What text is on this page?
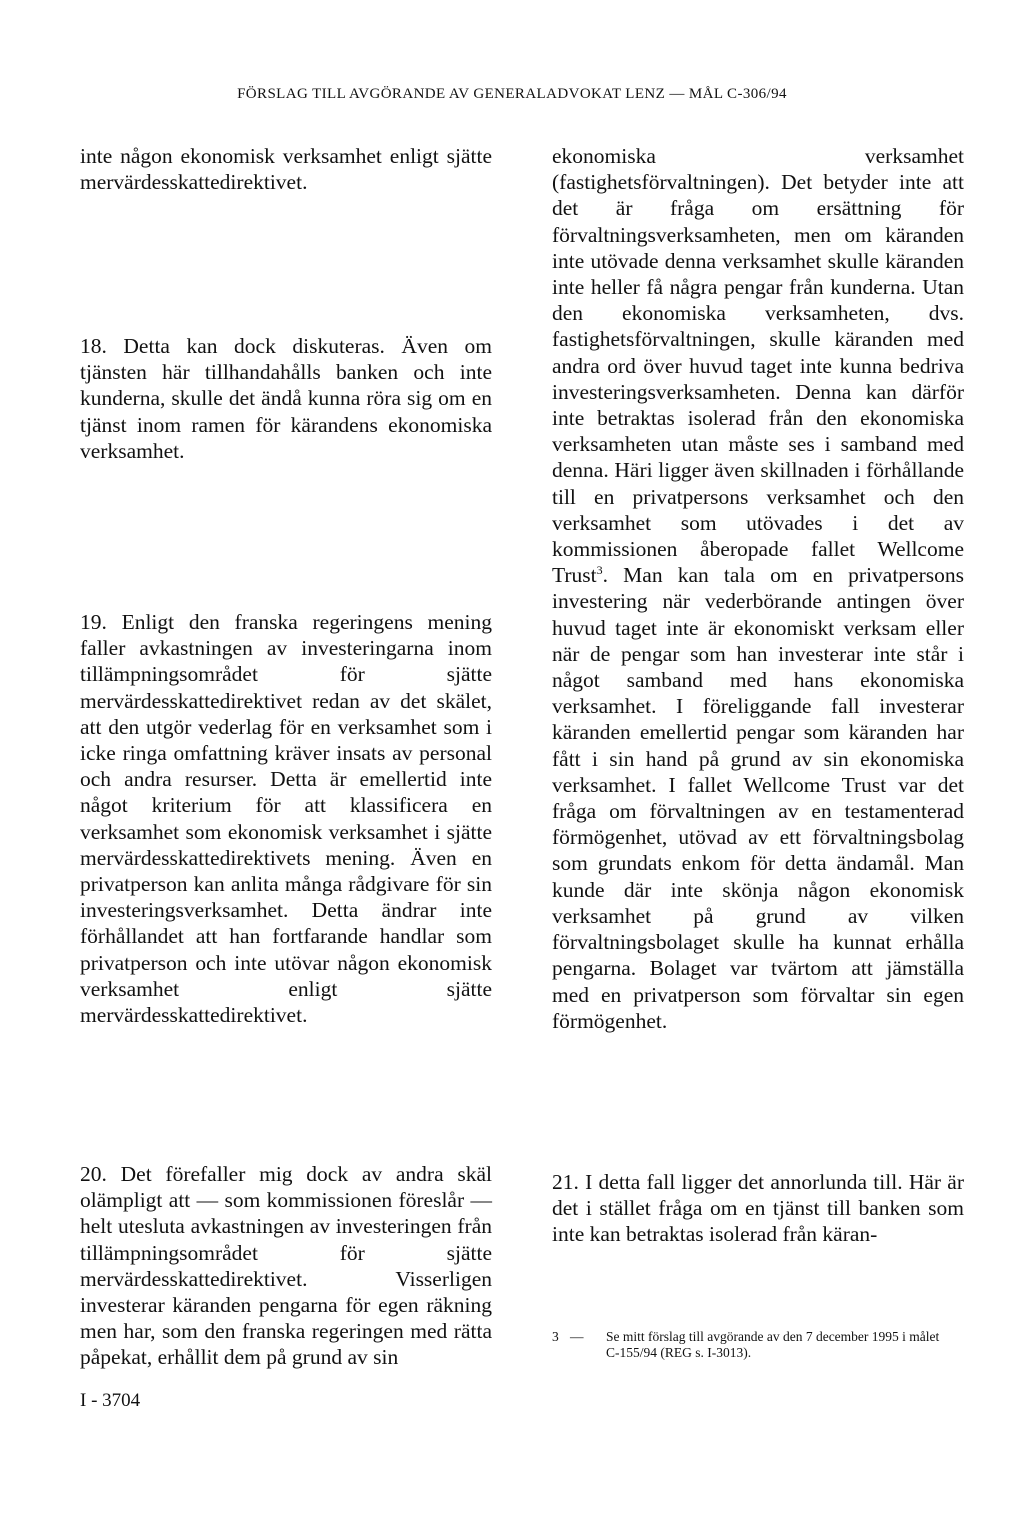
FÖRSLAG TILL AVGÖRANDE AV GENERALADVOKAT LENZ — MÅL C-306/94

inte någon ekonomisk verksamhet enligt sjätte mervärdesskattedirektivet.

18. Detta kan dock diskuteras. Även om tjänsten här tillhandahålls banken och inte kunderna, skulle det ändå kunna röra sig om en tjänst inom ramen för kärandens ekonomiska verksamhet.

19. Enligt den franska regeringens mening faller avkastningen av investeringarna inom tillämpningsområdet för sjätte mervärdesskattedirektivet redan av det skälet, att den utgör vederlag för en verksamhet som i icke ringa omfattning kräver insats av personal och andra resurser. Detta är emellertid inte något kriterium för att klassificera en verksamhet som ekonomisk verksamhet i sjätte mervärdesskattedirektivets mening. Även en privatperson kan anlita många rådgivare för sin investeringsverksamhet. Detta ändrar inte förhållandet att han fortfarande handlar som privatperson och inte utövar någon ekonomisk verksamhet enligt sjätte mervärdesskattedirektivet.

20. Det förefaller mig dock av andra skäl olämpligt att — som kommissionen föreslår — helt utesluta avkastningen av investeringen från tillämpningsområdet för sjätte mervärdesskattedirektivet. Visserligen investerar käranden pengarna för egen räkning men har, som den franska regeringen med rätta påpekat, erhållit dem på grund av sin

ekonomiska verksamhet (fastighetsförvaltningen). Det betyder inte att det är fråga om ersättning för förvaltningsverksamheten, men om käranden inte utövade denna verksamhet skulle käranden inte heller få några pengar från kunderna. Utan den ekonomiska verksamheten, dvs. fastighetsförvaltningen, skulle käranden med andra ord över huvud taget inte kunna bedriva investeringsverksamheten. Denna kan därför inte betraktas isolerad från den ekonomiska verksamheten utan måste ses i samband med denna. Häri ligger även skillnaden i förhållande till en privatpersons verksamhet och den verksamhet som utövades i det av kommissionen åberopade fallet Wellcome Trust$^3$. Man kan tala om en privatpersons investering när vederbörande antingen över huvud taget inte är ekonomiskt verksam eller när de pengar som han investerar inte står i något samband med hans ekonomiska verksamhet. I föreliggande fall investerar käranden emellertid pengar som käranden har fått i sin hand på grund av sin ekonomiska verksamhet. I fallet Wellcome Trust var det fråga om förvaltningen av en testamenterad förmögenhet, utövad av ett förvaltningsbolag som grundats enkom för detta ändamål. Man kunde där inte skönja någon ekonomisk verksamhet på grund av vilken förvaltningsbolaget skulle ha kunnat erhålla pengarna. Bolaget var tvärtom att jämställa med en privatperson som förvaltar sin egen förmögenhet.

21. I detta fall ligger det annorlunda till. Här är det i stället fråga om en tjänst till banken som inte kan betraktas isolerad från käran-

3 — Se mitt förslag till avgörande av den 7 december 1995 i målet
C-155/94 (REG s. I-3013).
I - 3704
